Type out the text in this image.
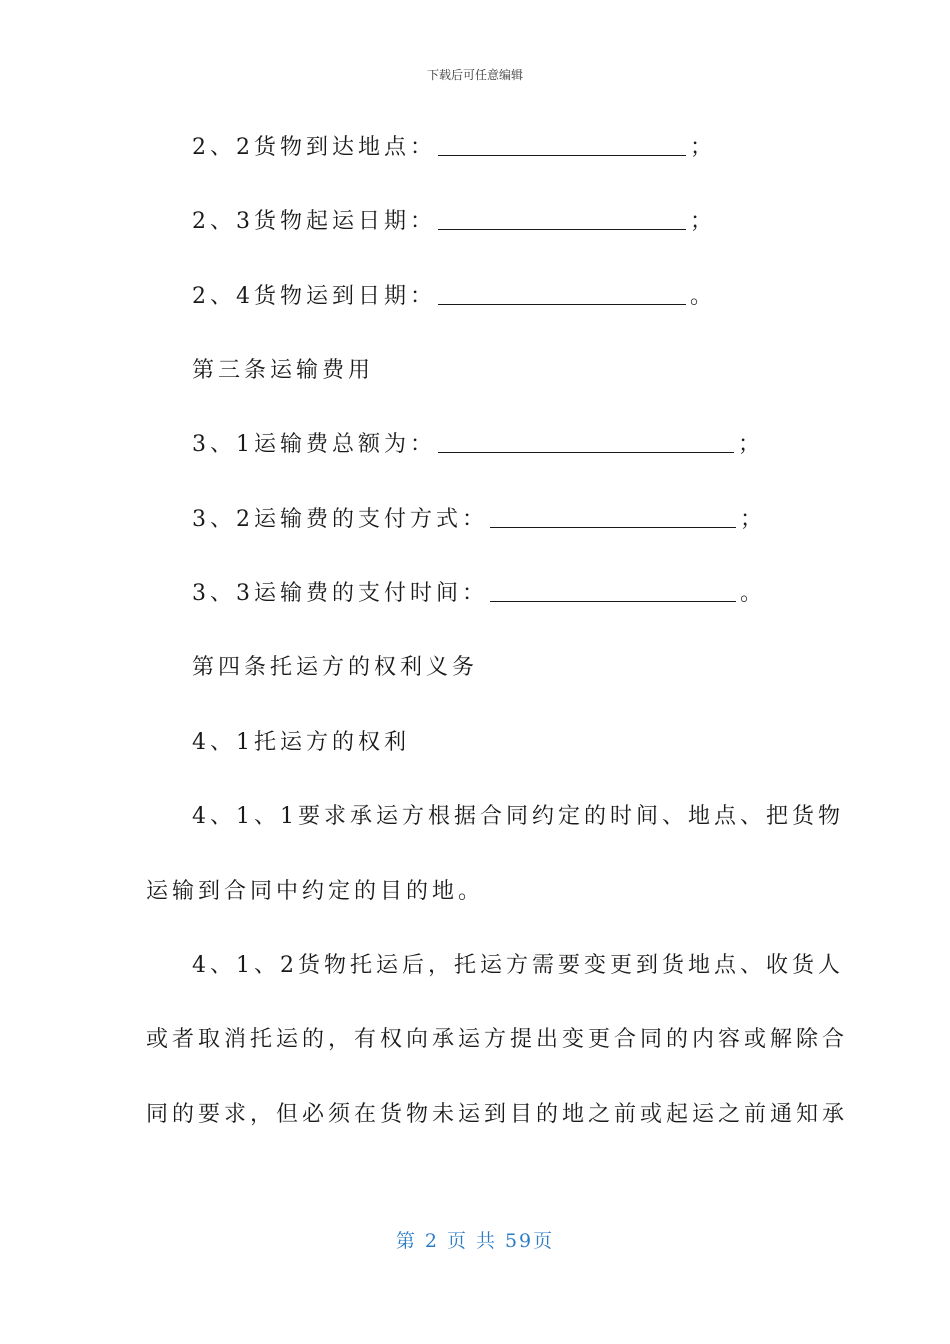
下载后可任意编辑
2、2货物到达地点：	；
2、3货物起运日期：	；
2、4货物运到日期：	。
第三条运输费用
3、1运输费总额为：	；
3、2运输费的支付方式：	；
3、3运输费的支付时间：	。
第四条托运方的权利义务
4、1托运方的权利
4、1、1要求承运方根据合同约定的时间、地点、把货物
运输到合同中约定的目的地。
4、1、2货物托运后，托运方需要变更到货地点、收货人
或者取消托运的，有权向承运方提出变更合同的内容或解除合
同的要求，但必须在货物未运到目的地之前或起运之前通知承
第 2 页 共 59页
